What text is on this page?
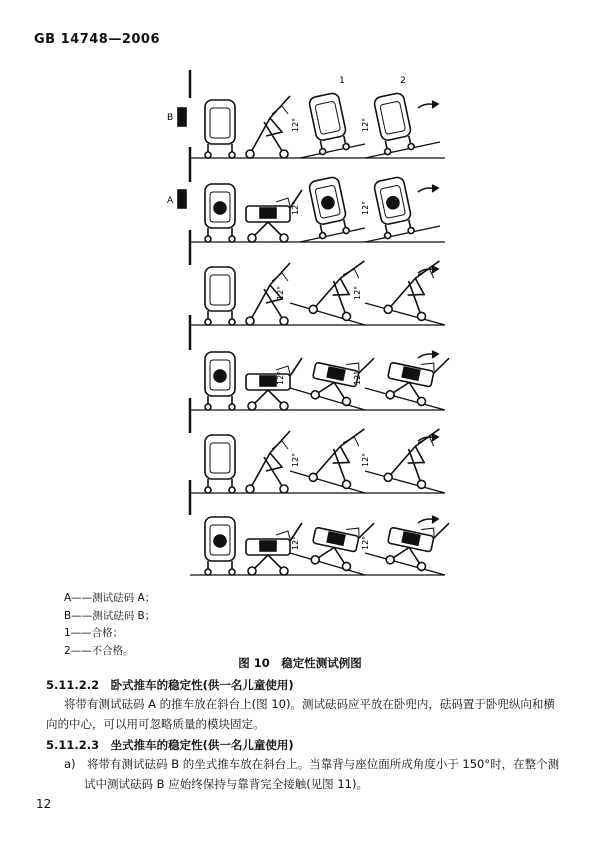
GB 14748—2006
1	2
B
A
12°	12°
12°	12°
12°	12°
12°	12°
12°	12°
12°	12°
A——测试砝码 A；
B——测试砝码 B；
1——合格；
2——不合格。
图 10　稳定性测试例图
5.11.2.2　卧式推车的稳定性(供一名儿童使用)
将带有测试砝码 A 的推车放在斜台上(图 10)。测试砝码应平放在卧兜内，砝码置于卧兜纵向和横
向的中心，可以用可忽略质量的模块固定。
5.11.2.3　坐式推车的稳定性(供一名儿童使用)
a)　将带有测试砝码 B 的坐式推车放在斜台上。当靠背与座位面所成角度小于 150°时，在整个测
试中测试砝码 B 应始终保持与靠背完全接触(见图 11)。
12
